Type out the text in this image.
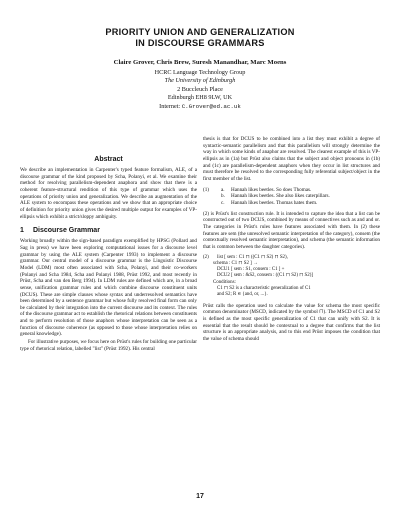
PRIORITY UNION AND GENERALIZATION
IN DISCOURSE GRAMMARS
Claire Grover, Chris Brew, Suresh Manandhar, Marc Moens
HCRC Language Technology Group
The University of Edinburgh
2 Buccleuch Place
Edinburgh EH8 9LW, UK
Internet: C.Grover@ed.ac.uk
Abstract
We describe an implementation in Carpenter's typed feature formalism, ALE, of a discourse grammar of the kind proposed by Scha, Polanyi, et al. We examine their method for resolving parallelism-dependent anaphora and show that there is a coherent feature-structural rendition of this type of grammar which uses the operations of priority union and generalization. We describe an augmentation of the ALE system to encompass these operations and we show that an appropriate choice of definition for priority union gives the desired multiple output for examples of VP-ellipsis which exhibit a strict/sloppy ambiguity.
1 Discourse Grammar
Working broadly within the sign-based paradigm exemplified by HPSG (Pollard and Sag in press) we have been exploring computational issues for a discourse level grammar by using the ALE system (Carpenter 1993) to implement a discourse grammar. Our central model of a discourse grammar is the Linguistic Discourse Model (LDM) most often associated with Scha, Polanyi, and their co-workers (Polanyi and Scha 1984, Scha and Polanyi 1988, Prüst 1992, and most recently in Prüst, Scha and van den Berg 1994). In LDM rules are defined which are, in a broad sense, unification grammar rules and which combine discourse constituent units (DCUS). These are simple clauses whose syntax and underresolved semantics have been determined by a sentence grammar but whose fully resolved final form can only be calculated by their integration into the current discourse and its context. The rules of the discourse grammar act to establish the rhetorical relations between constituents and to perform resolution of those anaphors whose interpretation can be seen as a function of discourse coherence (as opposed to those whose interpretation relies on general knowledge).
For illustrative purposes, we focus here on Prüst's rules for building one particular type of rhetorical relation, labelled "list" (Prüst 1992). His central
thesis is that for DCUS to be combined into a list they must exhibit a degree of syntactic-semantic parallelism and that this parallelism will strongly determine the way in which some kinds of anaphor are resolved. The clearest example of this is VP-ellipsis as in (1a) but Prüst also claims that the subject and object pronouns in (1b) and (1c) are parallelism-dependent anaphors when they occur in list structures and must therefore be resolved to the corresponding fully referential subject/object in the first member of the list.
(1) a. Hannah likes beetles. So does Thomas.
b. Hannah likes beetles. She also likes caterpillars.
c. Hannah likes beetles. Thomas hates them.
(2) is Prüst's list construction rule. It is intended to capture the idea that a list can be constructed out of two DCUS, combined by means of connectives such as and and or. The categories in Prüst's rules have features associated with them. In (2) these features are sem (the unresolved semantic interpretation of the category), consem (the contextually resolved semantic interpretation), and schema (the semantic information that is common between the daughter categories).
(2)	list [ sem : C1 ⊓ ((C1 ⊓ S2) ⊓ S2),
schema : C1 ⊓ S2 ] →
DCU1 [ sem : S1, consem : C1 ] +
DCU2 [ sem : &S2, consem : ((C1 ⊓ S2) ⊓ S2)]
Conditions:
C1 ⊓ S2 is a characteristic generalization of C1
and S2; R ∈ {and, or, ...}.
Prüst calls the operation used to calculate the value for schema the most specific common denominator (MSCD, indicated by the symbol ⊓). The MSCD of C1 and S2 is defined as the most specific generalization of C1 that can unify with S2. It is essential that the result should be contextual to a degree that confirms that the list structure is an appropriate analysis, and to this end Prüst imposes the condition that the value of schema should
17
